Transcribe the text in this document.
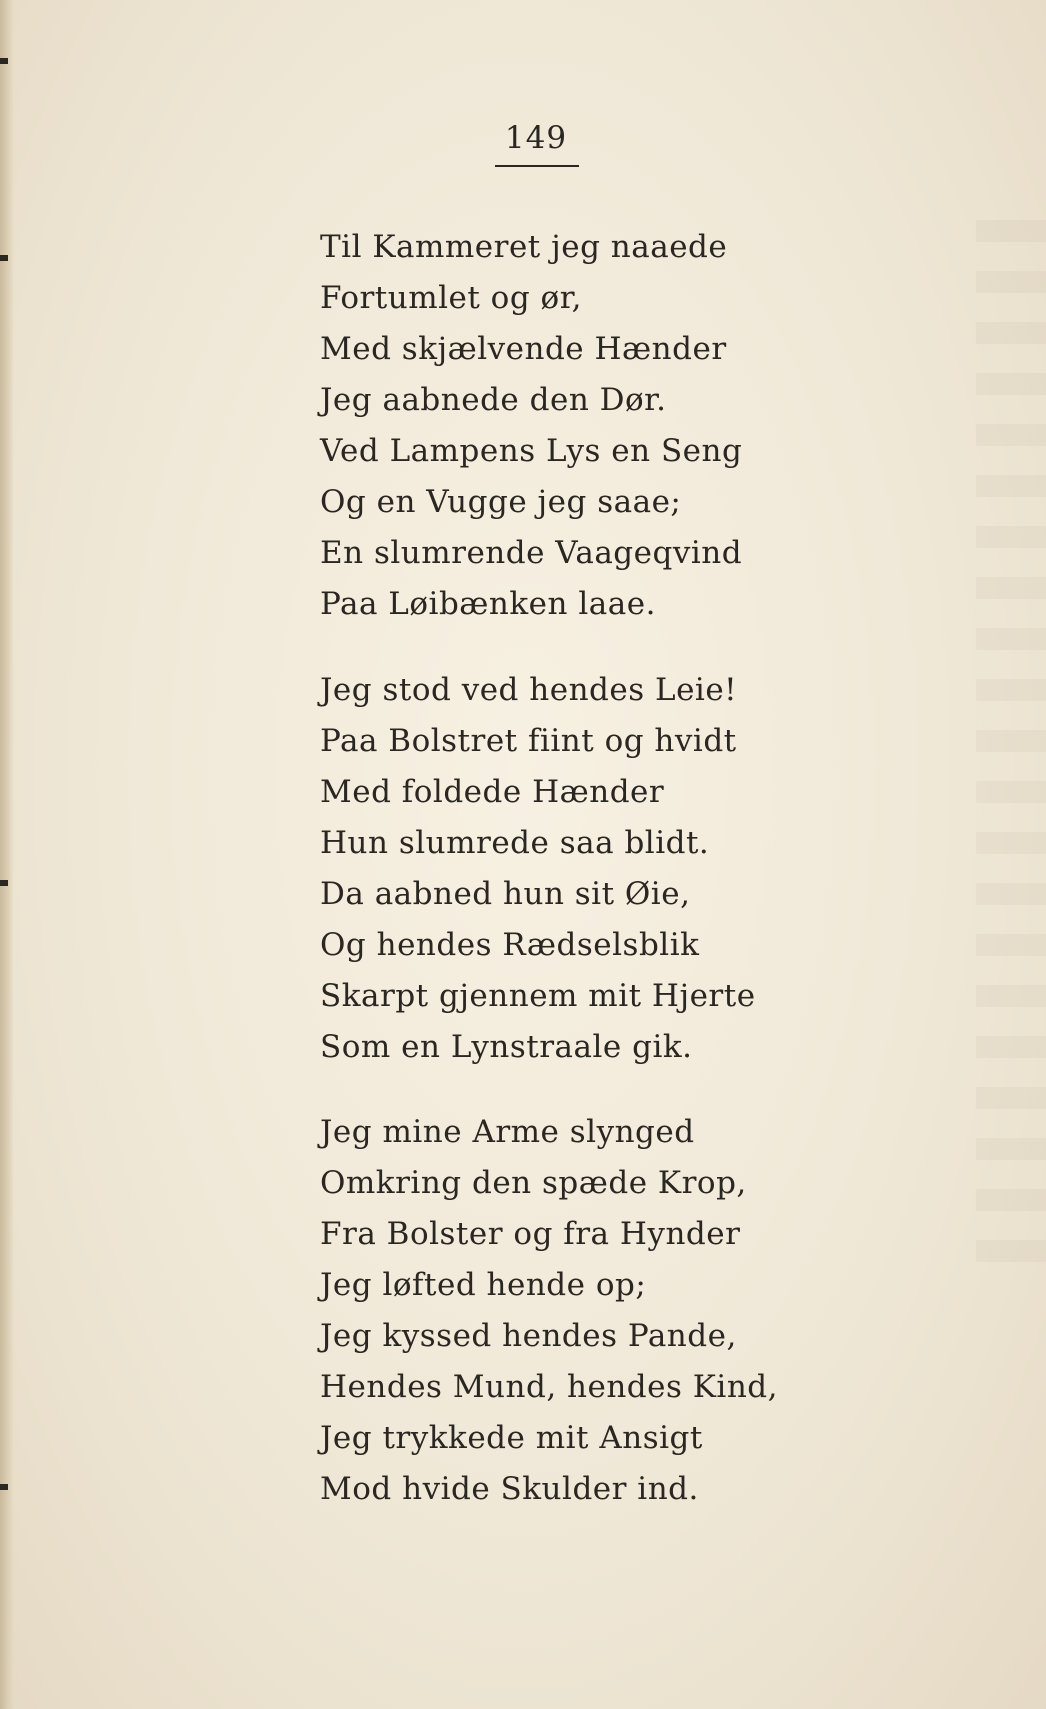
149
Til Kammeret jeg naaede
Fortumlet og ør,
Med skjælvende Hænder
Jeg aabnede den Dør.
Ved Lampens Lys en Seng
Og en Vugge jeg saae;
En slumrende Vaageqvind
Paa Løibænken laae.
Jeg stod ved hendes Leie!
Paa Bolstret fiint og hvidt
Med foldede Hænder
Hun slumrede saa blidt.
Da aabned hun sit Øie,
Og hendes Rædselsblik
Skarpt gjennem mit Hjerte
Som en Lynstraale gik.
Jeg mine Arme slynged
Omkring den spæde Krop,
Fra Bolster og fra Hynder
Jeg løfted hende op;
Jeg kyssed hendes Pande,
Hendes Mund, hendes Kind,
Jeg trykkede mit Ansigt
Mod hvide Skulder ind.
